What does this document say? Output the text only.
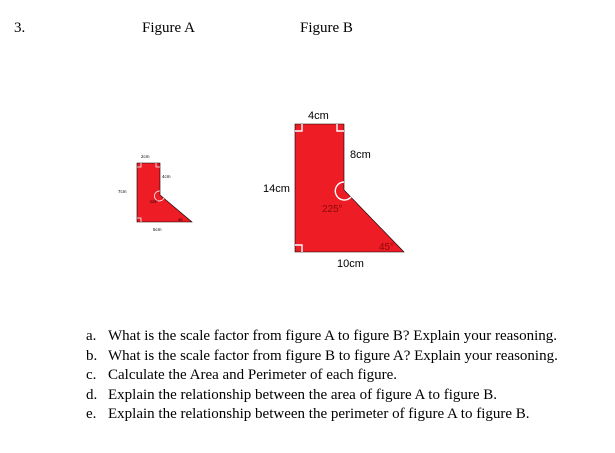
3.	Figure A	Figure B
2cm
4cm
7cm
225°
45
5cm
4cm
8cm
14cm
225°
45°
10cm
a. What is the scale factor from figure A to figure B? Explain your reasoning.
b. What is the scale factor from figure B to figure A? Explain your reasoning.
c. Calculate the Area and Perimeter of each figure.
d. Explain the relationship between the area of figure A to figure B.
e. Explain the relationship between the perimeter of figure A to figure B.
